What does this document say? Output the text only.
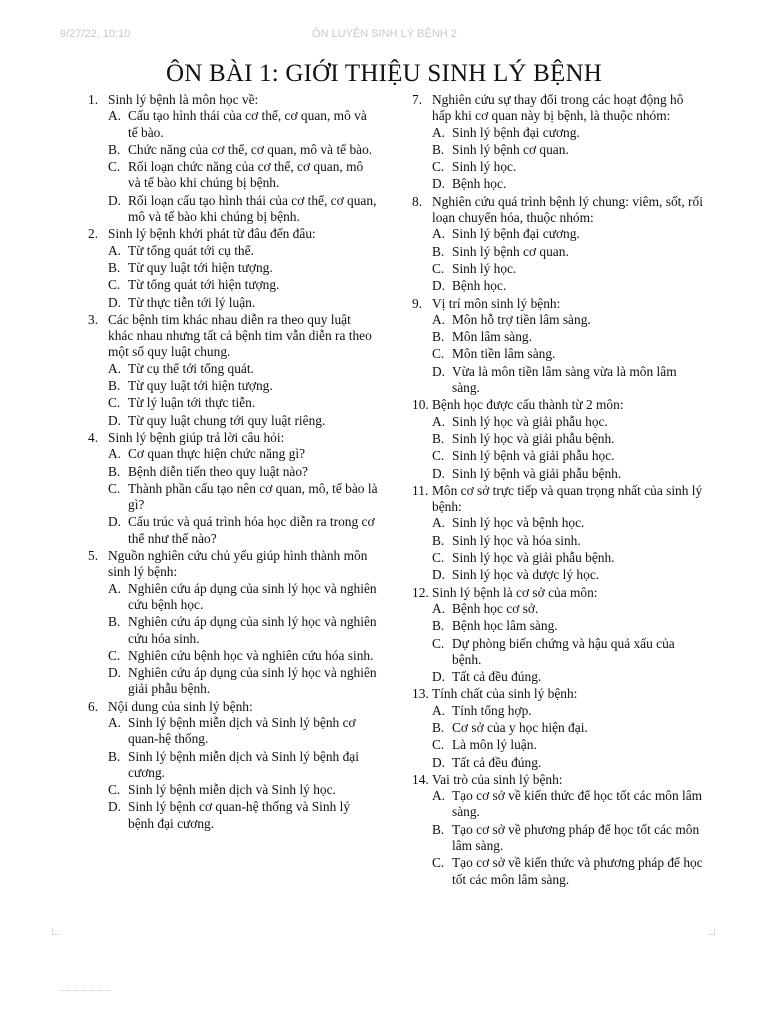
9/27/22, 10:10	ÔN LUYỆN SINH LÝ BỆNH 2
ÔN BÀI 1: GIỚI THIỆU SINH LÝ BỆNH
1. Sinh lý bệnh là môn học về:
A. Cấu tạo hình thái của cơ thể, cơ quan, mô và tế bào.
B. Chức năng của cơ thể, cơ quan, mô và tế bào.
C. Rối loạn chức năng của cơ thể, cơ quan, mô và tế bào khi chúng bị bệnh.
D. Rối loạn cấu tạo hình thái của cơ thể, cơ quan, mô và tế bào khi chúng bị bệnh.
2. Sinh lý bệnh khởi phát từ đâu đến đâu:
A. Từ tổng quát tới cụ thể.
B. Từ quy luật tới hiện tượng.
C. Từ tổng quát tới hiện tượng.
D. Từ thực tiễn tới lý luận.
3. Các bệnh tim khác nhau diễn ra theo quy luật khác nhau nhưng tất cả bệnh tim vẫn diễn ra theo một số quy luật chung.
A. Từ cụ thể tới tổng quát.
B. Từ quy luật tới hiện tượng.
C. Từ lý luận tới thực tiễn.
D. Từ quy luật chung tới quy luật riêng.
4. Sinh lý bệnh giúp trả lời câu hỏi:
A. Cơ quan thực hiện chức năng gì?
B. Bệnh diễn tiến theo quy luật nào?
C. Thành phần cấu tạo nên cơ quan, mô, tế bào là gì?
D. Cấu trúc và quá trình hóa học diễn ra trong cơ thể như thế nào?
5. Nguồn nghiên cứu chủ yếu giúp hình thành môn sinh lý bệnh:
A. Nghiên cứu áp dụng của sinh lý học và nghiên cứu bệnh học.
B. Nghiên cứu áp dụng của sinh lý học và nghiên cứu hóa sinh.
C. Nghiên cứu bệnh học và nghiên cứu hóa sinh.
D. Nghiên cứu áp dụng của sinh lý học và nghiên giải phẫu bệnh.
6. Nội dung của sinh lý bệnh:
A. Sinh lý bệnh miễn dịch và Sinh lý bệnh cơ quan-hệ thống.
B. Sinh lý bệnh miễn dịch và Sinh lý bệnh đại cương.
C. Sinh lý bệnh miễn dịch và Sinh lý học.
D. Sinh lý bệnh cơ quan-hệ thống và Sinh lý bệnh đại cương.
7. Nghiên cứu sự thay đổi trong các hoạt động hô hấp khi cơ quan này bị bệnh, là thuộc nhóm:
A. Sinh lý bệnh đại cương.
B. Sinh lý bệnh cơ quan.
C. Sinh lý học.
D. Bệnh học.
8. Nghiên cứu quá trình bệnh lý chung: viêm, sốt, rối loạn chuyển hóa, thuộc nhóm:
A. Sinh lý bệnh đại cương.
B. Sinh lý bệnh cơ quan.
C. Sinh lý học.
D. Bệnh học.
9. Vị trí môn sinh lý bệnh:
A. Môn hỗ trợ tiền lâm sàng.
B. Môn lâm sàng.
C. Môn tiền lâm sàng.
D. Vừa là môn tiền lâm sàng vừa là môn lâm sàng.
10. Bệnh học được cấu thành từ 2 môn:
A. Sinh lý học và giải phẫu học.
B. Sinh lý học và giải phẫu bệnh.
C. Sinh lý bệnh và giải phẫu học.
D. Sinh lý bệnh và giải phẫu bệnh.
11. Môn cơ sở trực tiếp và quan trọng nhất của sinh lý bệnh:
A. Sinh lý học và bệnh học.
B. Sinh lý học và hóa sinh.
C. Sinh lý học và giải phẫu bệnh.
D. Sinh lý học và dược lý học.
12. Sinh lý bệnh là cơ sở của môn:
A. Bệnh học cơ sở.
B. Bệnh học lâm sàng.
C. Dự phòng biến chứng và hậu quả xấu của bệnh.
D. Tất cả đều đúng.
13. Tính chất của sinh lý bệnh:
A. Tính tổng hợp.
B. Cơ sở của y học hiện đại.
C. Là môn lý luận.
D. Tất cả đều đúng.
14. Vai trò của sinh lý bệnh:
A. Tạo cơ sở về kiến thức để học tốt các môn lâm sàng.
B. Tạo cơ sở về phương pháp để học tốt các môn lâm sàng.
C. Tạo cơ sở về kiến thức và phương pháp để học tốt các môn lâm sàng.
